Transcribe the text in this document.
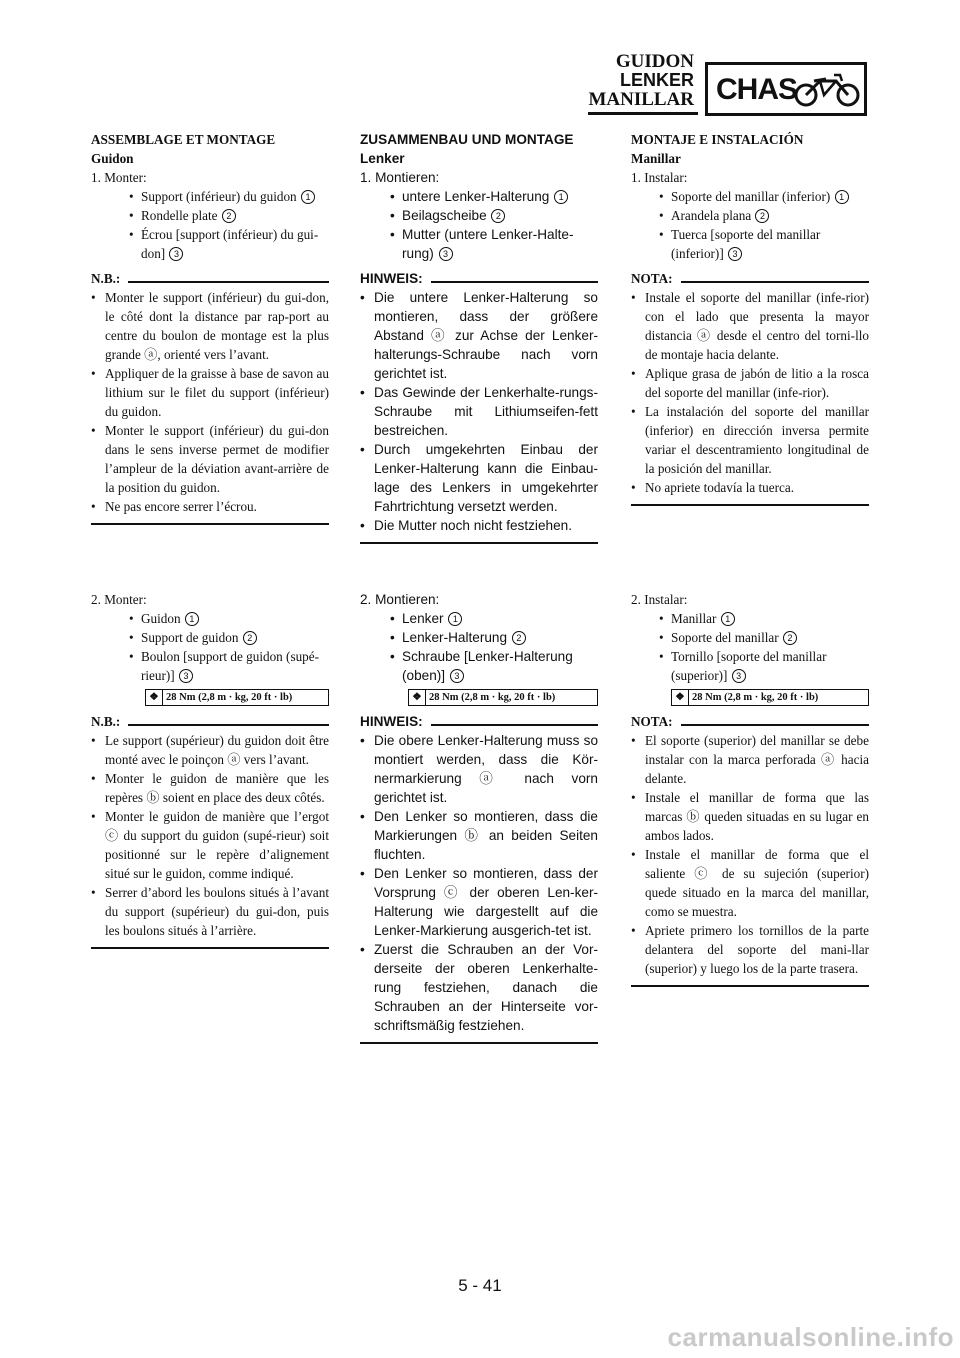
GUIDON
LENKER
MANILLAR CHAS
ASSEMBLAGE ET MONTAGE
Guidon
1. Monter:
• Support (inférieur) du guidon 1
• Rondelle plate 2
• Écrou [support (inférieur) du gui-don] 3
N.B.:
• Monter le support (inférieur) du gui-don, le côté dont la distance par rap-port au centre du boulon de montage est la plus grande ⓐ, orienté vers l’avant.
• Appliquer de la graisse à base de savon au lithium sur le filet du support (inférieur) du guidon.
• Monter le support (inférieur) du gui-don dans le sens inverse permet de modifier l’ampleur de la déviation avant-arrière de la position du guidon.
• Ne pas encore serrer l’écrou.
ZUSAMMENBAU UND MONTAGE
Lenker
1. Montieren:
• untere Lenker-Halterung 1
• Beilagscheibe 2
• Mutter (untere Lenker-Halte-rung) 3
HINWEIS:
• Die untere Lenker-Halterung so montieren, dass der größere Abstand ⓐ zur Achse der Lenker-halterungs-Schraube nach vorn gerichtet ist.
• Das Gewinde der Lenkerhalte-rungs-Schraube mit Lithiumseifen-fett bestreichen.
• Durch umgekehrten Einbau der Lenker-Halterung kann die Einbau-lage des Lenkers in umgekehrter Fahrtrichtung versetzt werden.
• Die Mutter noch nicht festziehen.
MONTAJE E INSTALACIÓN
Manillar
1. Instalar:
• Soporte del manillar (inferior) 1
• Arandela plana 2
• Tuerca [soporte del manillar (inferior)] 3
NOTA:
• Instale el soporte del manillar (infe-rior) con el lado que presenta la mayor distancia ⓐ desde el centro del torni-llo de montaje hacia delante.
• Aplique grasa de jabón de litio a la rosca del soporte del manillar (infe-rior).
• La instalación del soporte del manillar (inferior) en dirección inversa permite variar el descentramiento longitudinal de la posición del manillar.
• No apriete todavía la tuerca.
2. Monter:
• Guidon 1
• Support de guidon 2
• Boulon [support de guidon (supé-rieur)] 3
❖ 28 Nm (2,8 m · kg, 20 ft · lb)
N.B.:
• Le support (supérieur) du guidon doit être monté avec le poinçon ⓐ vers l’avant.
• Monter le guidon de manière que les repères ⓑ soient en place des deux côtés.
• Monter le guidon de manière que l’ergot ⓒ du support du guidon (supé-rieur) soit positionné sur le repère d’alignement situé sur le guidon, comme indiqué.
• Serrer d’abord les boulons situés à l’avant du support (supérieur) du gui-don, puis les boulons situés à l’arrière.
2. Montieren:
• Lenker 1
• Lenker-Halterung 2
• Schraube [Lenker-Halterung (oben)] 3
❖ 28 Nm (2,8 m · kg, 20 ft · lb)
HINWEIS:
• Die obere Lenker-Halterung muss so montiert werden, dass die Kör-nermarkierung ⓐ nach vorn gerichtet ist.
• Den Lenker so montieren, dass die Markierungen ⓑ an beiden Seiten fluchten.
• Den Lenker so montieren, dass der Vorsprung ⓒ der oberen Len-ker-Halterung wie dargestellt auf die Lenker-Markierung ausgerich-tet ist.
• Zuerst die Schrauben an der Vor-derseite der oberen Lenkerhalte-rung festziehen, danach die Schrauben an der Hinterseite vor-schriftsmäßig festziehen.
2. Instalar:
• Manillar 1
• Soporte del manillar 2
• Tornillo [soporte del manillar (superior)] 3
❖ 28 Nm (2,8 m · kg, 20 ft · lb)
NOTA:
• El soporte (superior) del manillar se debe instalar con la marca perforada ⓐ hacia delante.
• Instale el manillar de forma que las marcas ⓑ queden situadas en su lugar en ambos lados.
• Instale el manillar de forma que el saliente ⓒ de su sujeción (superior) quede situado en la marca del manillar, como se muestra.
• Apriete primero los tornillos de la parte delantera del soporte del mani-llar (superior) y luego los de la parte trasera.
5 - 41
carmanualsonline.info
